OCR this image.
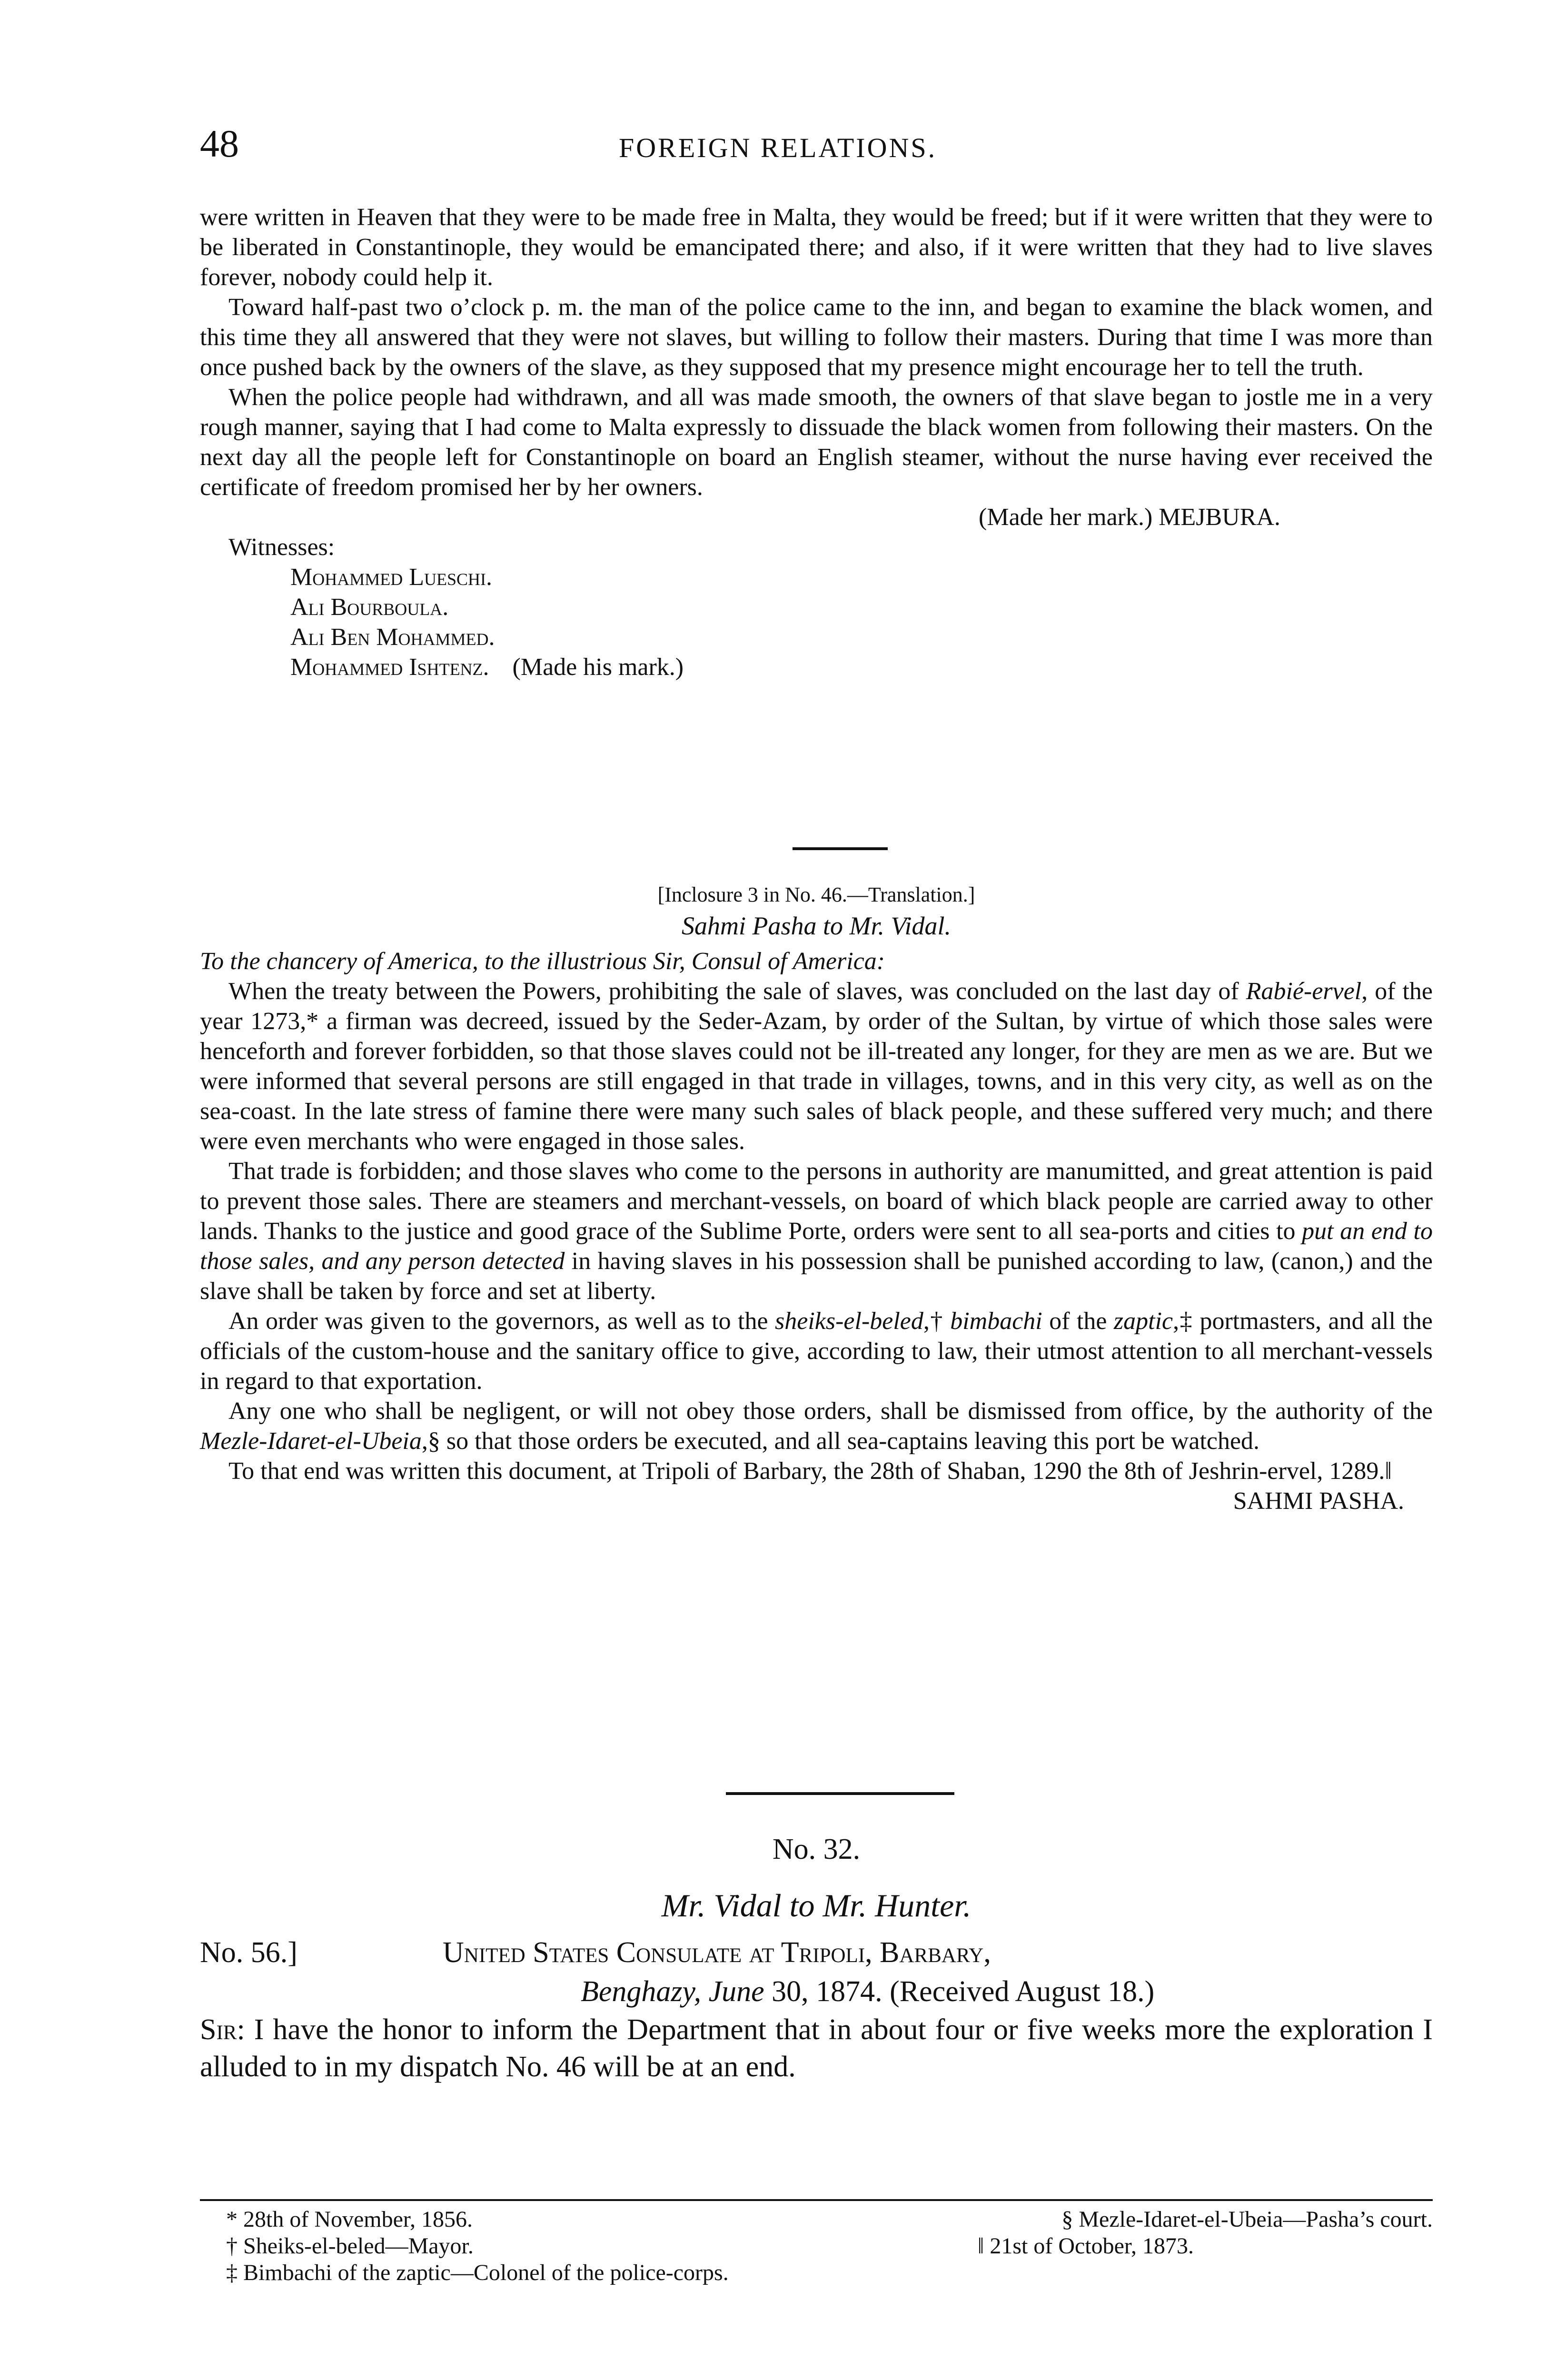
48	FOREIGN RELATIONS.

were written in Heaven that they were to be made free in Malta, they would be freed; but if it were written that they were to be liberated in Constantinople, they would be emancipated there; and also, if it were written that they had to live slaves forever, nobody could help it.

Toward half-past two o’clock p. m. the man of the police came to the inn, and began to examine the black women, and this time they all answered that they were not slaves, but willing to follow their masters. During that time I was more than once pushed back by the owners of the slave, as they supposed that my presence might encourage her to tell the truth.

When the police people had withdrawn, and all was made smooth, the owners of that slave began to jostle me in a very rough manner, saying that I had come to Malta expressly to dissuade the black women from following their masters. On the next day all the people left for Constantinople on board an English steamer, without the nurse having ever received the certificate of freedom promised her by her owners.

(Made her mark.) MEJBURA.

Witnesses:

Mohammed Lueschi.
Ali Bourboula.
Ali Ben Mohammed.
Mohammed Ishtenz. (Made his mark.)

[Inclosure 3 in No. 46.—Translation.]

Sahmi Pasha to Mr. Vidal.

To the chancery of America, to the illustrious Sir, Consul of America:

When the treaty between the Powers, prohibiting the sale of slaves, was concluded on the last day of Rabié-ervel, of the year 1273,* a firman was decreed, issued by the Seder-Azam, by order of the Sultan, by virtue of which those sales were henceforth and forever forbidden, so that those slaves could not be ill-treated any longer, for they are men as we are. But we were informed that several persons are still engaged in that trade in villages, towns, and in this very city, as well as on the sea-coast. In the late stress of famine there were many such sales of black people, and these suffered very much; and there were even merchants who were engaged in those sales.

That trade is forbidden; and those slaves who come to the persons in authority are manumitted, and great attention is paid to prevent those sales. There are steamers and merchant-vessels, on board of which black people are carried away to other lands. Thanks to the justice and good grace of the Sublime Porte, orders were sent to all sea-ports and cities to put an end to those sales, and any person detected in having slaves in his possession shall be punished according to law, (canon,) and the slave shall be taken by force and set at liberty.

An order was given to the governors, as well as to the sheiks-el-beled,† bimbachi of the zaptic,‡ portmasters, and all the officials of the custom-house and the sanitary office to give, according to law, their utmost attention to all merchant-vessels in regard to that exportation.

Any one who shall be negligent, or will not obey those orders, shall be dismissed from office, by the authority of the Mezle-Idaret-el-Ubeia,§ so that those orders be executed, and all sea-captains leaving this port be watched.

To that end was written this document, at Tripoli of Barbary, the 28th of Shaban, 1290 the 8th of Jeshrin-ervel, 1289.‖

SAHMI PASHA.

No. 32.

Mr. Vidal to Mr. Hunter.

No. 56.]	United States Consulate at Tripoli, Barbary,
Benghazy, June 30, 1874. (Received August 18.)

Sir: I have the honor to inform the Department that in about four or five weeks more the exploration I alluded to in my dispatch No. 46 will be at an end.

* 28th of November, 1856.	§ Mezle-Idaret-el-Ubeia—Pasha’s court.
† Sheiks-el-beled—Mayor.	‖ 21st of October, 1873.
‡ Bimbachi of the zaptic—Colonel of the police-corps.
